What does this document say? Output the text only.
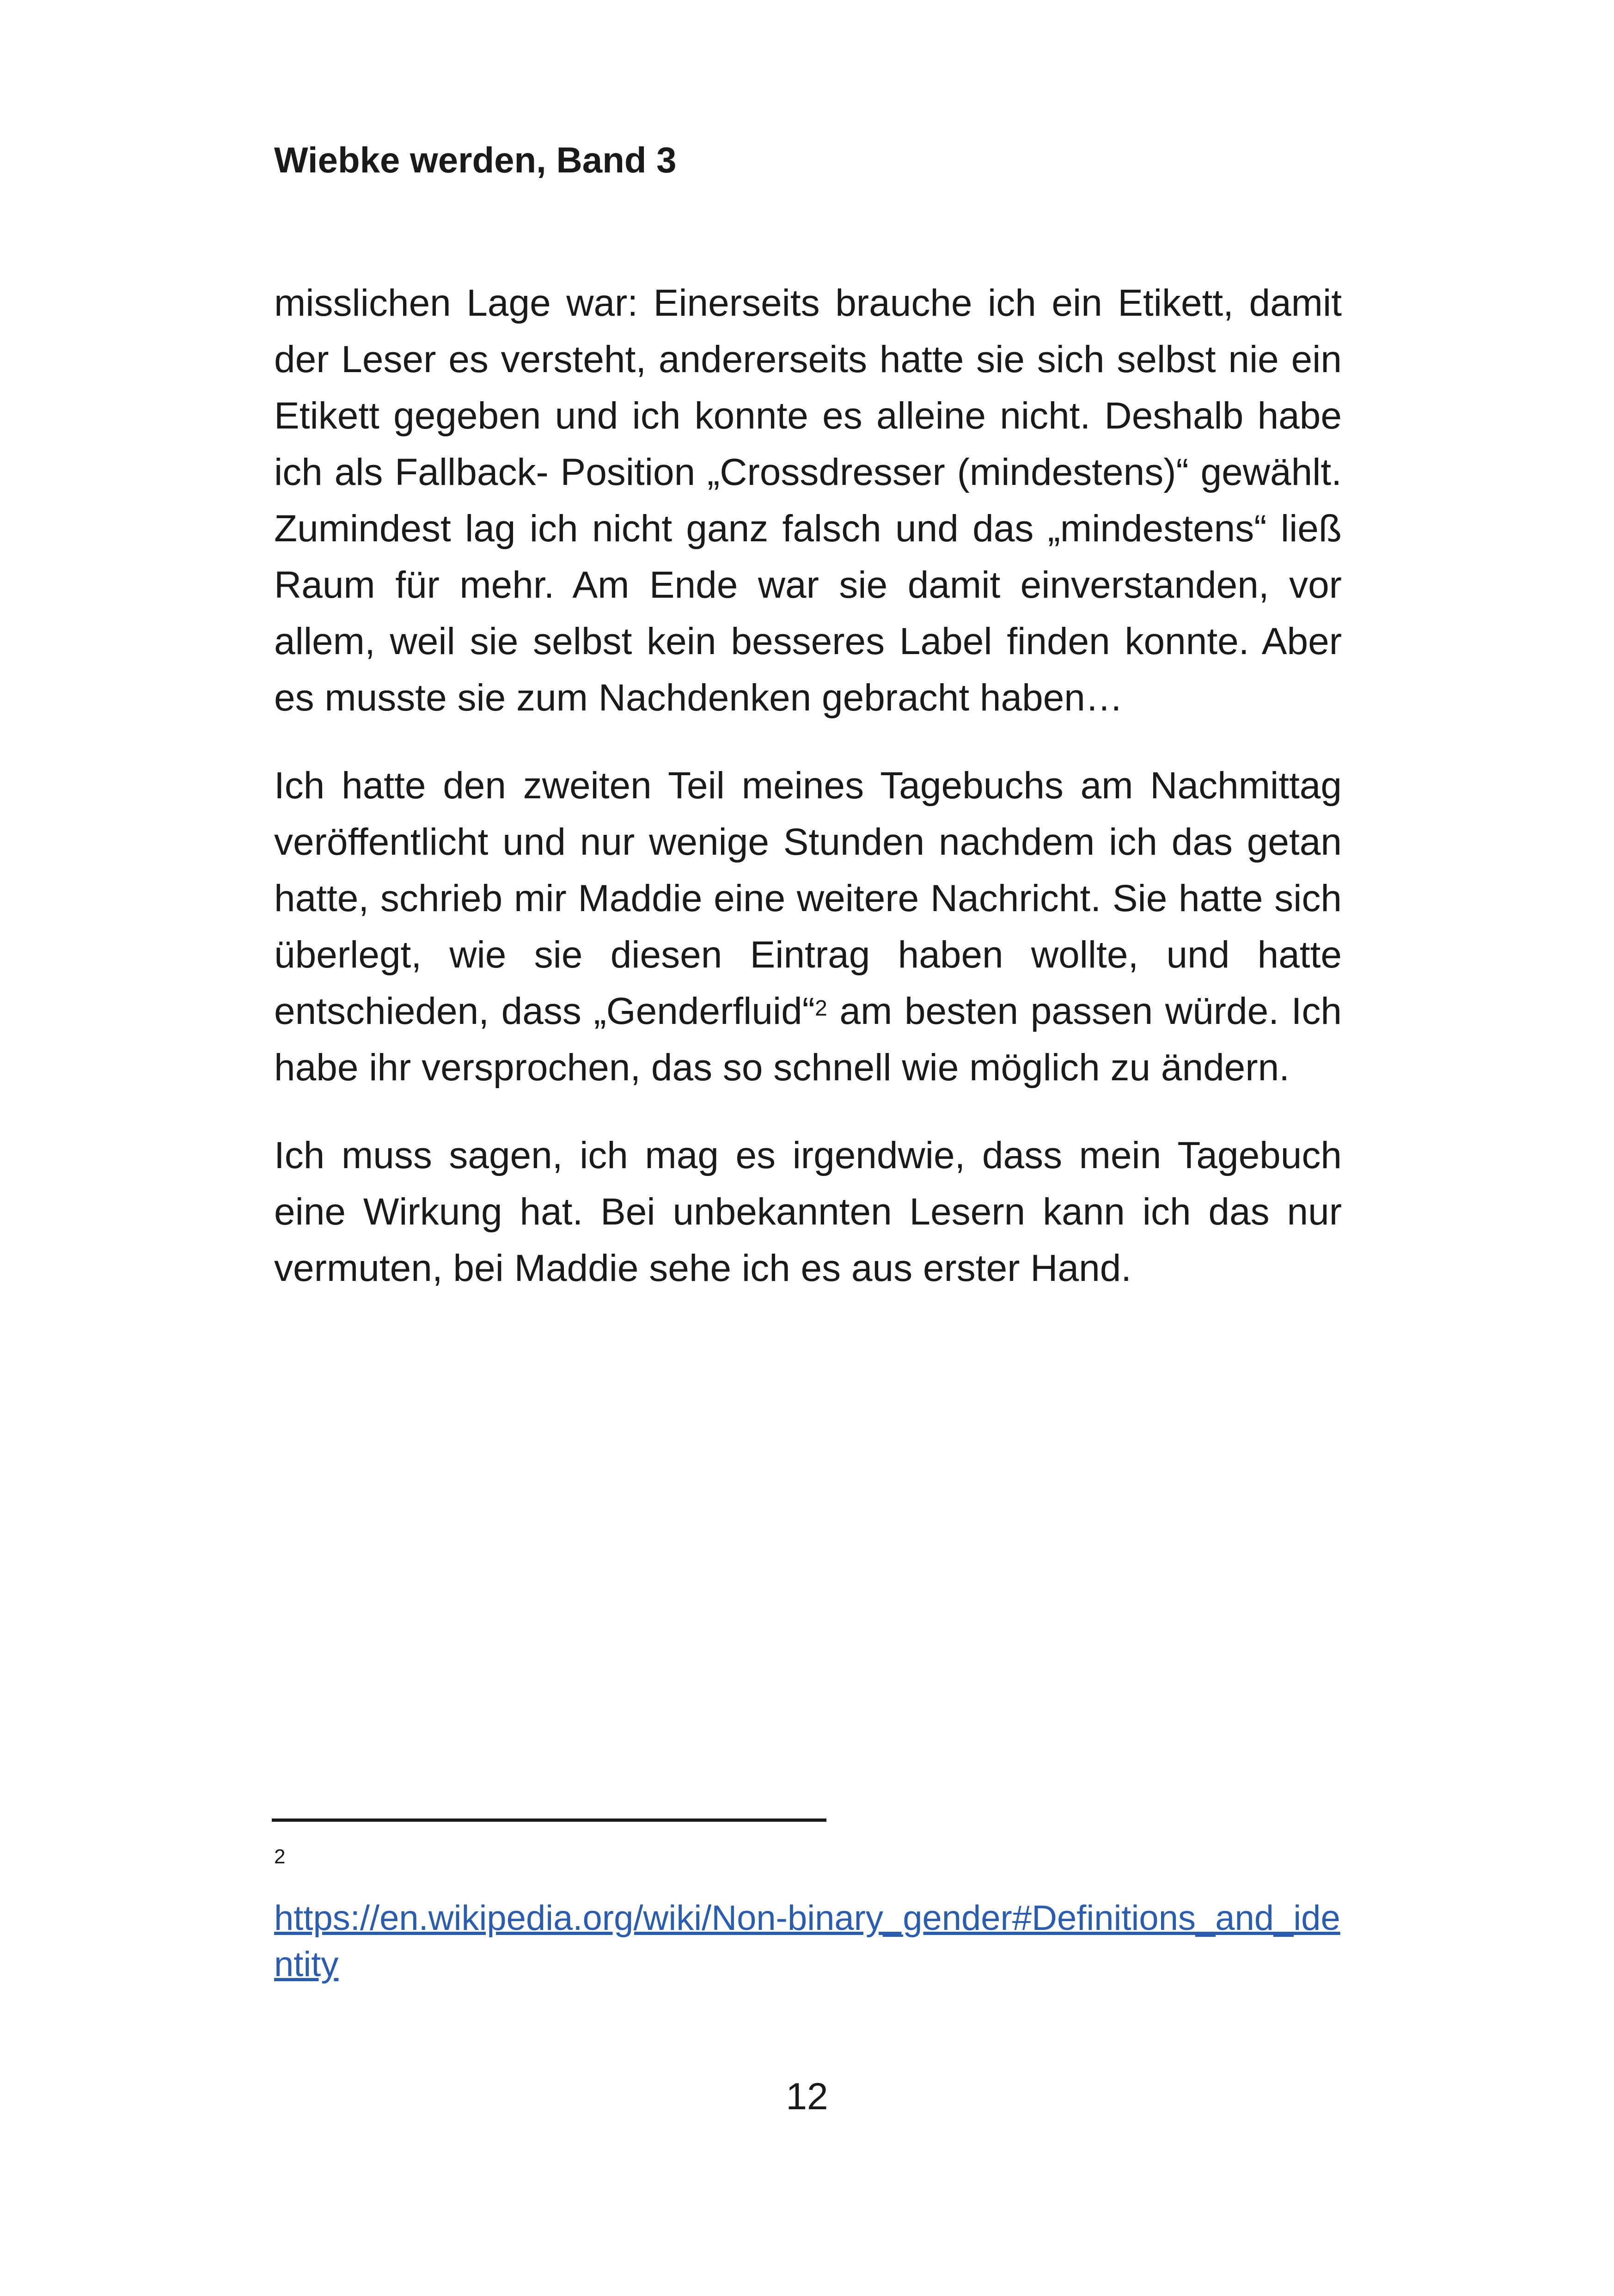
Wiebke werden, Band 3

misslichen Lage war: Einerseits brauche ich ein Etikett, damit der Leser es versteht, andererseits hatte sie sich selbst nie ein Etikett gegeben und ich konnte es alleine nicht. Deshalb habe ich als Fallback- Position „Crossdresser (mindestens)“ gewählt. Zumindest lag ich nicht ganz falsch und das „mindestens“ ließ Raum für mehr. Am Ende war sie damit einverstanden, vor allem, weil sie selbst kein besseres Label finden konnte. Aber es musste sie zum Nachdenken gebracht haben…

Ich hatte den zweiten Teil meines Tagebuchs am Nachmittag veröffentlicht und nur wenige Stunden nachdem ich das getan hatte, schrieb mir Maddie eine weitere Nachricht. Sie hatte sich überlegt, wie sie diesen Eintrag haben wollte, und hatte entschieden, dass „Genderfluid“$^2$ am besten passen würde. Ich habe ihr versprochen, das so schnell wie möglich zu ändern.

Ich muss sagen, ich mag es irgendwie, dass mein Tagebuch eine Wirkung hat. Bei unbekannten Lesern kann ich das nur vermuten, bei Maddie sehe ich es aus erster Hand.

2
https://en.wikipedia.org/wiki/Non-binary_gender#Definitions_and_identity
12
